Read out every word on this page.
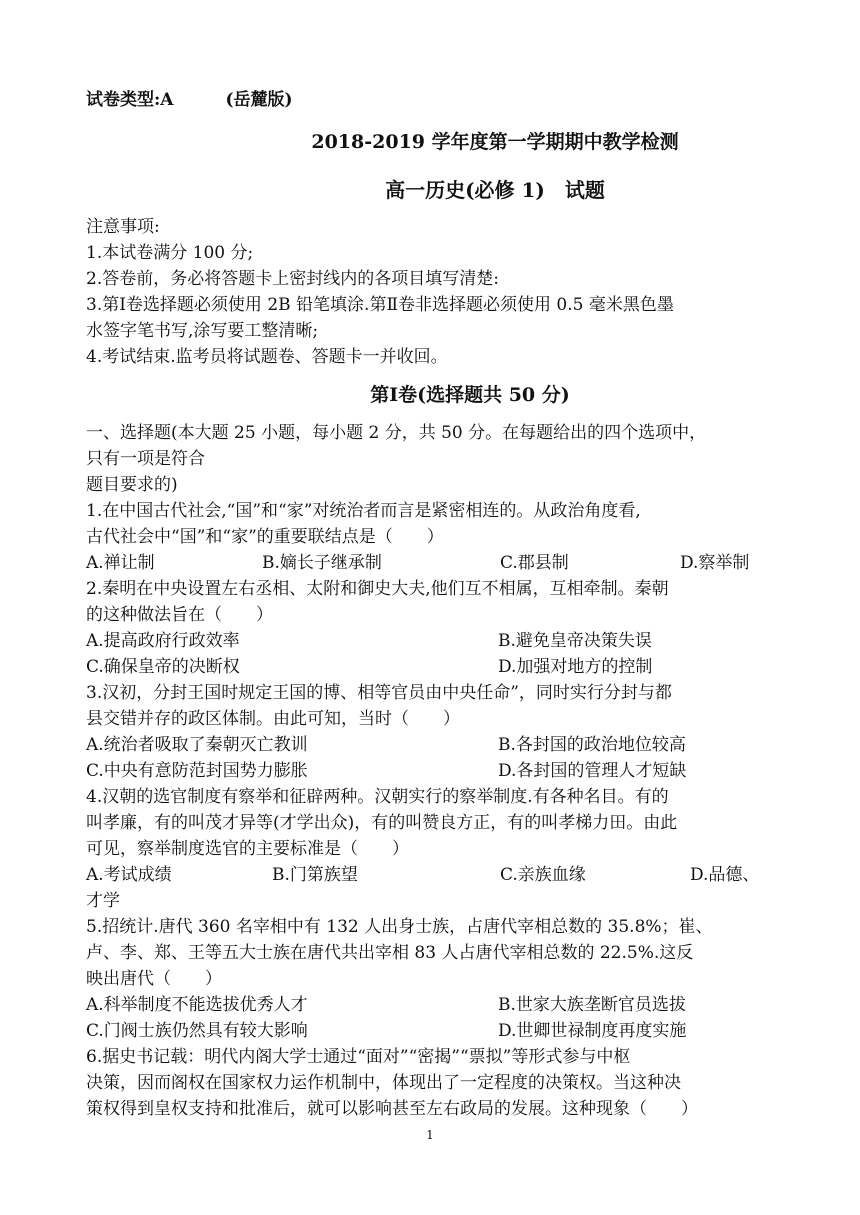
试卷类型:A	(岳麓版)
2018-2019 学年度第一学期期中教学检测
高一历史(必修 1)　试题
注意事项:
1.本试卷满分 100 分;
2.答卷前，务必将答题卡上密封线内的各项目填写清楚:
3.第Ⅰ卷选择题必须使用 2B 铅笔填涂.第Ⅱ卷非选择题必须使用 0.5 毫米黑色墨
水签字笔书写,涂写要工整清晰;
4.考试结束.监考员将试题卷、答题卡一并收回。
第Ⅰ卷(选择题共 50 分)
一、选择题(本大题 25 小题，每小题 2 分，共 50 分。在每题给出的四个选项中，
只有一项是符合
题目要求的)
1.在中国古代社会,“国”和“家”对统治者而言是紧密相连的。从政治角度看,
古代社会中“国”和“家”的重要联结点是（　　）
A.禅让制	B.嫡长子继承制	C.郡县制	D.察举制
2.秦明在中央设置左右丞相、太附和御史大夫,他们互不相属，互相牵制。秦朝
的这种做法旨在（　　）
A.提高政府行政效率	B.避免皇帝决策失误
C.确保皇帝的决断权	D.加强对地方的控制
3.汉初，分封王国时规定王国的博、相等官员由中央任命”，同时实行分封与都
县交错并存的政区体制。由此可知，当时（　　）
A.统治者吸取了秦朝灭亡教训	B.各封国的政治地位较高
C.中央有意防范封国势力膨胀	D.各封国的管理人才短缺
4.汉朝的选官制度有察举和征辟两种。汉朝实行的察举制度.有各种名目。有的
叫孝廉，有的叫茂才异等(才学出众)，有的叫赞良方正，有的叫孝梯力田。由此
可见，察举制度选官的主要标准是（　　）
A.考试成绩	B.门第族望	C.亲族血缘	D.品德、
才学
5.招统计.唐代 360 名宰相中有 132 人出身士族，占唐代宰相总数的 35.8%；崔、
卢、李、郑、王等五大士族在唐代共出宰相 83 人占唐代宰相总数的 22.5%.这反
映出唐代（　　）
A.科举制度不能选拔优秀人才	B.世家大族垄断官员选拔
C.门阀士族仍然具有较大影响	D.世卿世禄制度再度实施
6.据史书记载：明代内阁大学士通过“面对”“密揭”“票拟”等形式参与中枢
决策，因而阁权在国家权力运作机制中，体现出了一定程度的决策权。当这种决
策权得到皇权支持和批准后，就可以影响甚至左右政局的发展。这种现象（　　）
1
